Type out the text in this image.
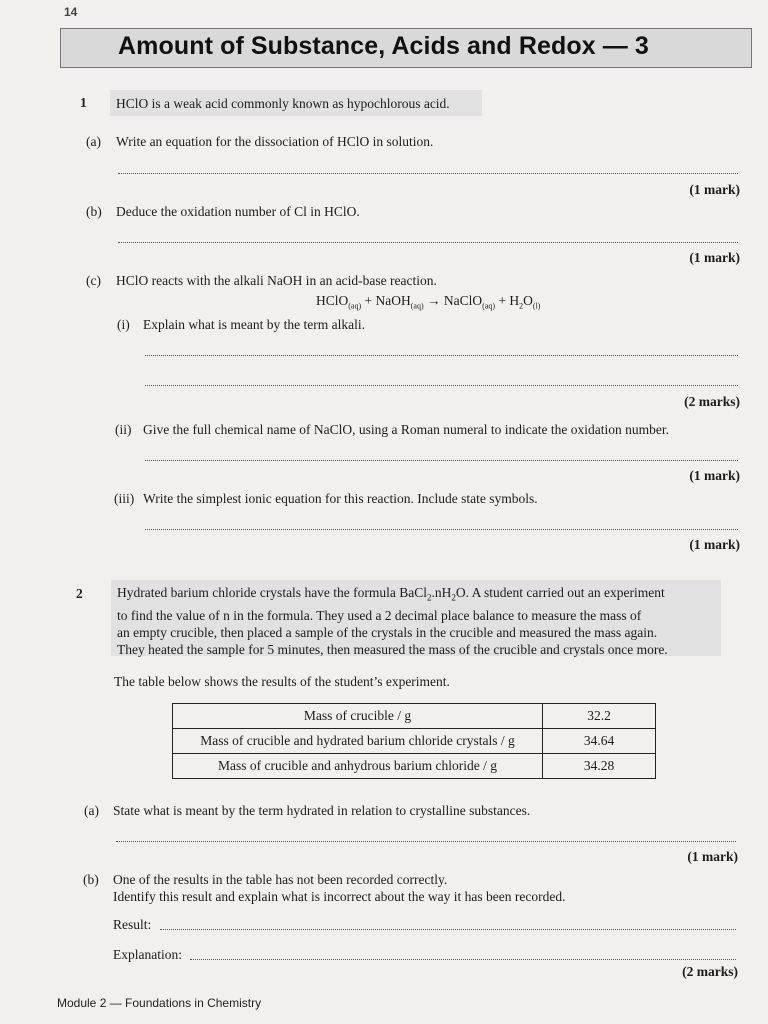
14
Amount of Substance, Acids and Redox — 3
1	HClO is a weak acid commonly known as hypochlorous acid.
(a) Write an equation for the dissociation of HClO in solution.
(1 mark)
(b) Deduce the oxidation number of Cl in HClO.
(1 mark)
(c) HClO reacts with the alkali NaOH in an acid-base reaction.
HClO$_{(aq)}$ + NaOH$_{(aq)}$ → NaClO$_{(aq)}$ + $H_2O_{(l)}$
(i) Explain what is meant by the term alkali.
(2 marks)
(ii) Give the full chemical name of NaClO, using a Roman numeral to indicate the oxidation number.
(1 mark)
(iii) Write the simplest ionic equation for this reaction. Include state symbols.
(1 mark)
2	Hydrated barium chloride crystals have the formula $BaCl_2.nH_2O$. A student carried out an experiment
to find the value of n in the formula. They used a 2 decimal place balance to measure the mass of
an empty crucible, then placed a sample of the crystals in the crucible and measured the mass again.
They heated the sample for 5 minutes, then measured the mass of the crucible and crystals once more.
The table below shows the results of the student’s experiment.
Mass of crucible / g	32.2
Mass of crucible and hydrated barium chloride crystals / g	34.64
Mass of crucible and anhydrous barium chloride / g	34.28
(a) State what is meant by the term hydrated in relation to crystalline substances.
(1 mark)
(b) One of the results in the table has not been recorded correctly.
Identify this result and explain what is incorrect about the way it has been recorded.
Result:
Explanation:
(2 marks)
Module 2 — Foundations in Chemistry
